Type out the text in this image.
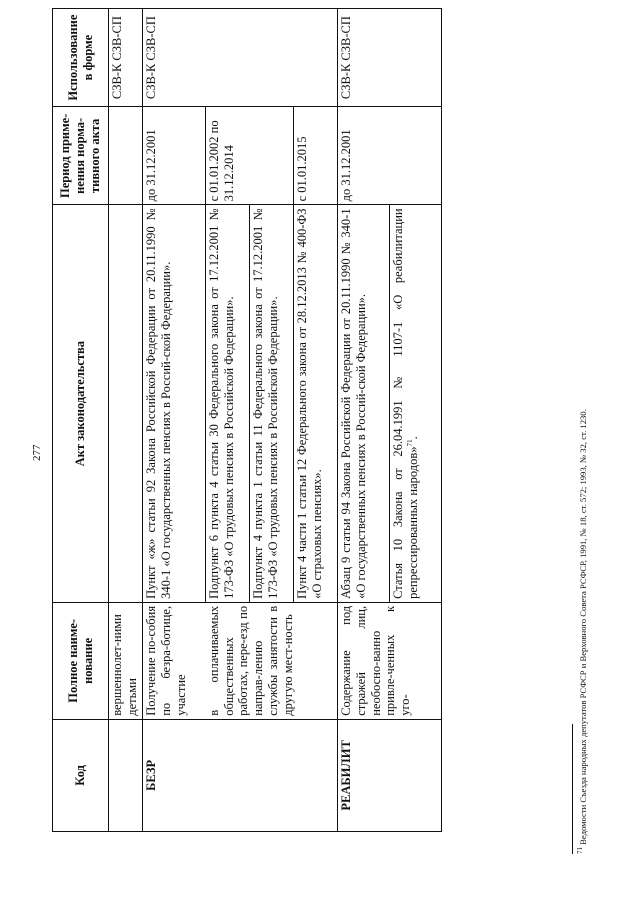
277
Код	Полное наиме-нование	Акт законодательства	Период приме-нения норма-тивного акта	Использование в форме
	вершеннолет-ними детьми			СЗВ-К СЗВ-СП
БЕЗР	Получение по-собия по безра-ботице, участие	Пункт «ж» статьи 92 Закона Российской Федерации от 20.11.1990 № 340-1 «О государственных пенсиях в Россий-ской Федерации».	до 31.12.2001	СЗВ-К СЗВ-СП
	в оплачиваемых общественных работах, пере-езд по направ-лению службы занятости в другую мест-ность	Подпункт 6 пункта 4 статьи 30 Федерального закона от 17.12.2001 № 173-ФЗ «О трудовых пенсиях в Российской Федерации».	с 01.01.2002 по 31.12.2014	
		Подпункт 4 пункта 1 статьи 11 Федерального закона от 17.12.2001 № 173-ФЗ «О трудовых пенсиях в Российской Федерации».		
		Пункт 4 части 1 статьи 12 Федерального закона от 28.12.2013 № 400-ФЗ «О страховых пенсиях».	с 01.01.2015	
РЕАБИЛИТ	Содержание под стражей лиц, необосно-ванно привле-ченных к уго-	Абзац 9 статьи 94 Закона Российской Федерации от 20.11.1990 № 340-1 «О государственных пенсиях в Россий-ской Федерации».	до 31.12.2001	СЗВ-К СЗВ-СП
		Статья 10 Закона от 26.04.1991 № 1107-1 «О реабилитации репрессированных народов»$^{71}$.		
$^{71}$ Ведомости Съезда народных депутатов РСФСР и Верховного Совета РСФСР, 1991, № 18, ст. 572; 1993, № 32, ст. 1230.
